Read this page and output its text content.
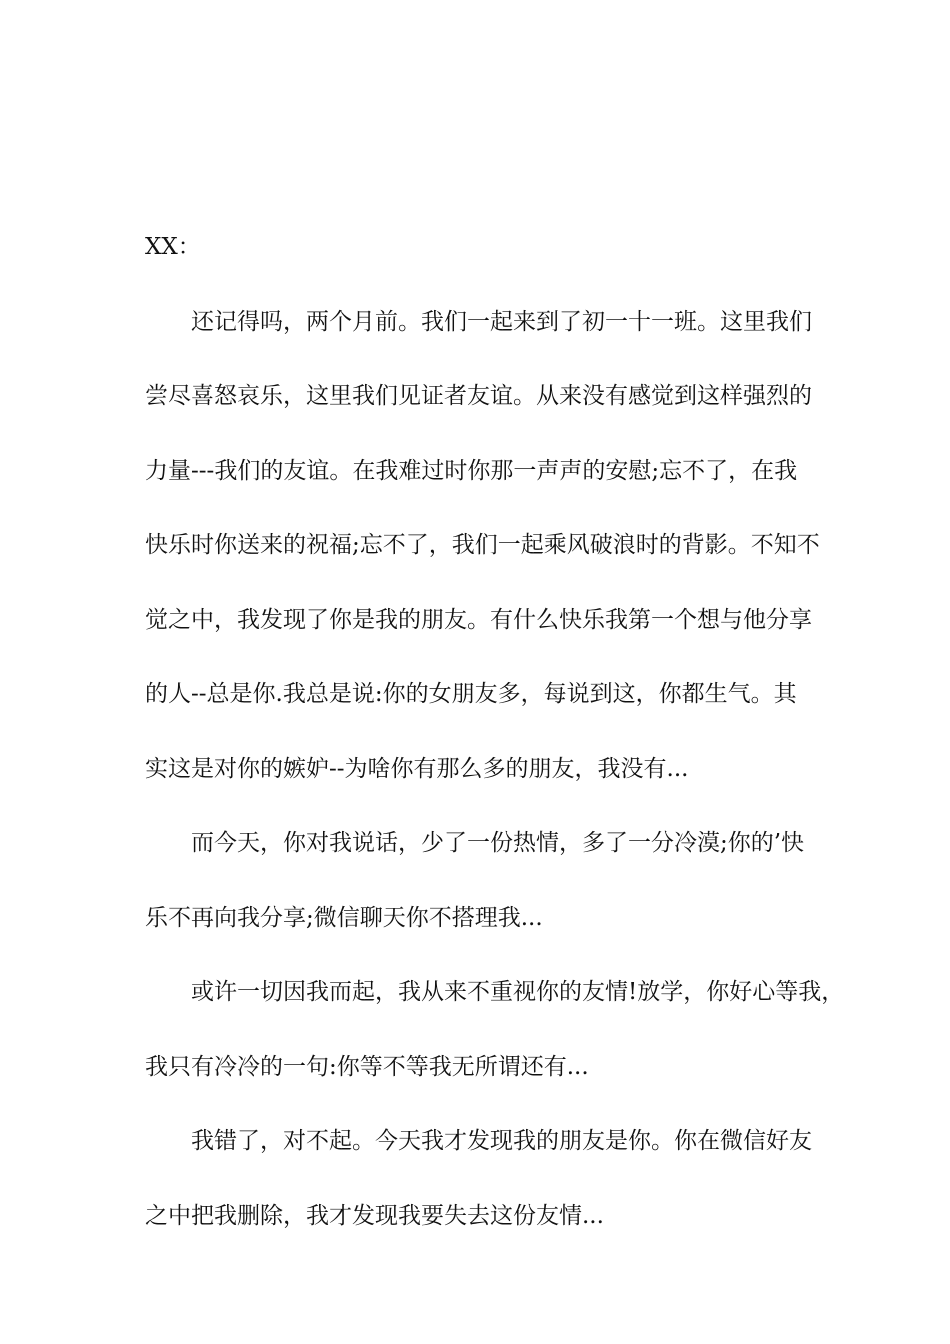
XX：
还记得吗，两个月前。我们一起来到了初一十一班。这里我们
尝尽喜怒哀乐，这里我们见证者友谊。从来没有感觉到这样强烈的
力量---我们的友谊。在我难过时你那一声声的安慰;忘不了，在我
快乐时你送来的祝福;忘不了，我们一起乘风破浪时的背影。不知不
觉之中，我发现了你是我的朋友。有什么快乐我第一个想与他分享
的人--总是你.我总是说:你的女朋友多，每说到这，你都生气。其
实这是对你的嫉妒--为啥你有那么多的朋友，我没有...
而今天，你对我说话，少了一份热情，多了一分冷漠;你的’快
乐不再向我分享;微信聊天你不搭理我...
或许一切因我而起，我从来不重视你的友情!放学，你好心等我，
我只有冷冷的一句:你等不等我无所谓还有...
我错了，对不起。今天我才发现我的朋友是你。你在微信好友
之中把我删除，我才发现我要失去这份友情...
